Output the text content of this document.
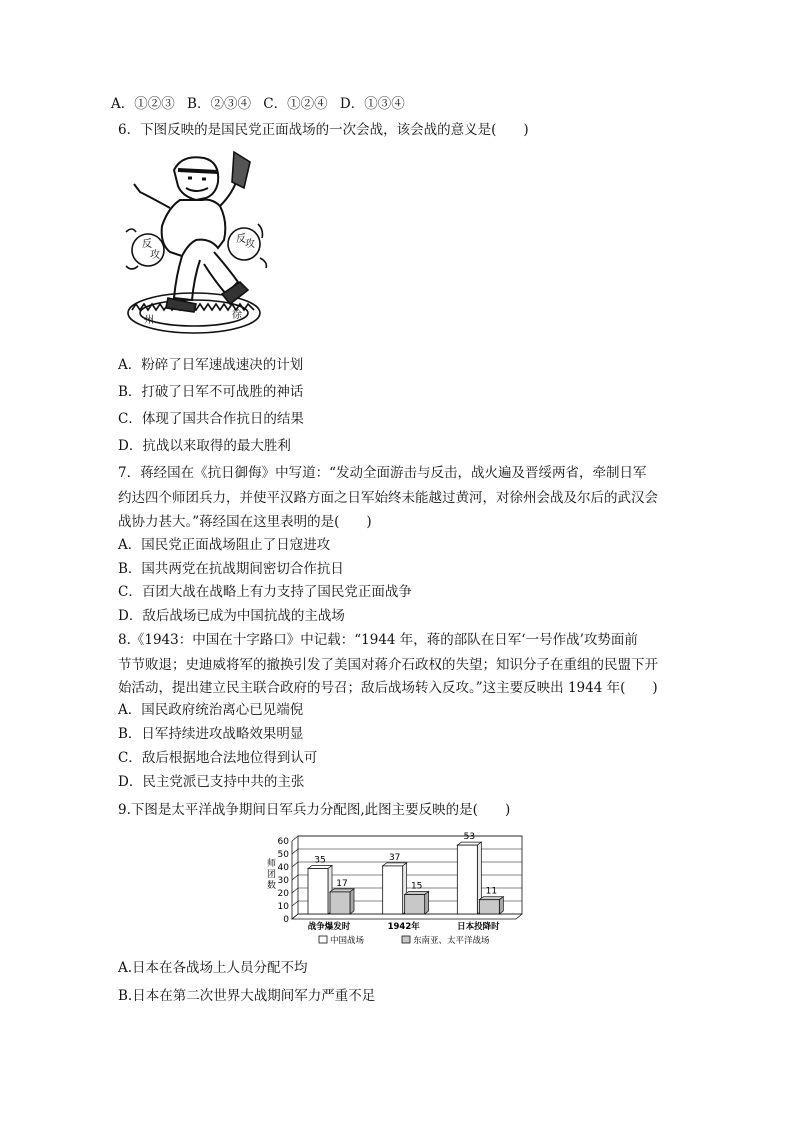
A．①②③ B．②③④ C．①②④ D．①③④
6．下图反映的是国民党正面战场的一次会战，该会战的意义是(　　)
反
攻
反 攻
州	徐
A．粉碎了日军速战速决的计划
B．打破了日军不可战胜的神话
C．体现了国共合作抗日的结果
D．抗战以来取得的最大胜利
7．蒋经国在《抗日御侮》中写道：“发动全面游击与反击，战火遍及晋绥两省，牵制日军
约达四个师团兵力，并使平汉路方面之日军始终未能越过黄河，对徐州会战及尔后的武汉会
战协力甚大。”蒋经国在这里表明的是(　　)
A．国民党正面战场阻止了日寇进攻
B．国共两党在抗战期间密切合作抗日
C．百团大战在战略上有力支持了国民党正面战争
D．敌后战场已成为中国抗战的主战场
8.《1943：中国在十字路口》中记载：“1944 年，蒋的部队在日军‘一号作战’攻势面前
节节败退；史迪威将军的撤换引发了美国对蒋介石政权的失望；知识分子在重组的民盟下开
始活动，提出建立民主联合政府的号召；敌后战场转入反攻。”这主要反映出 1944 年(　　)
A．国民政府统治离心已见端倪
B．日军持续进攻战略效果明显
C．敌后根据地合法地位得到认可
D．民主党派已支持中共的主张
9.下图是太平洋战争期间日军兵力分配图,此图主要反映的是(　　)
0
10
20
30
40
50
60
35
17
战争爆发时
37
15
1942年
53
11
日本投降时
师
团
数
中国战场	东南亚、太平洋战场
A.日本在各战场上人员分配不均
B.日本在第二次世界大战期间军力严重不足
